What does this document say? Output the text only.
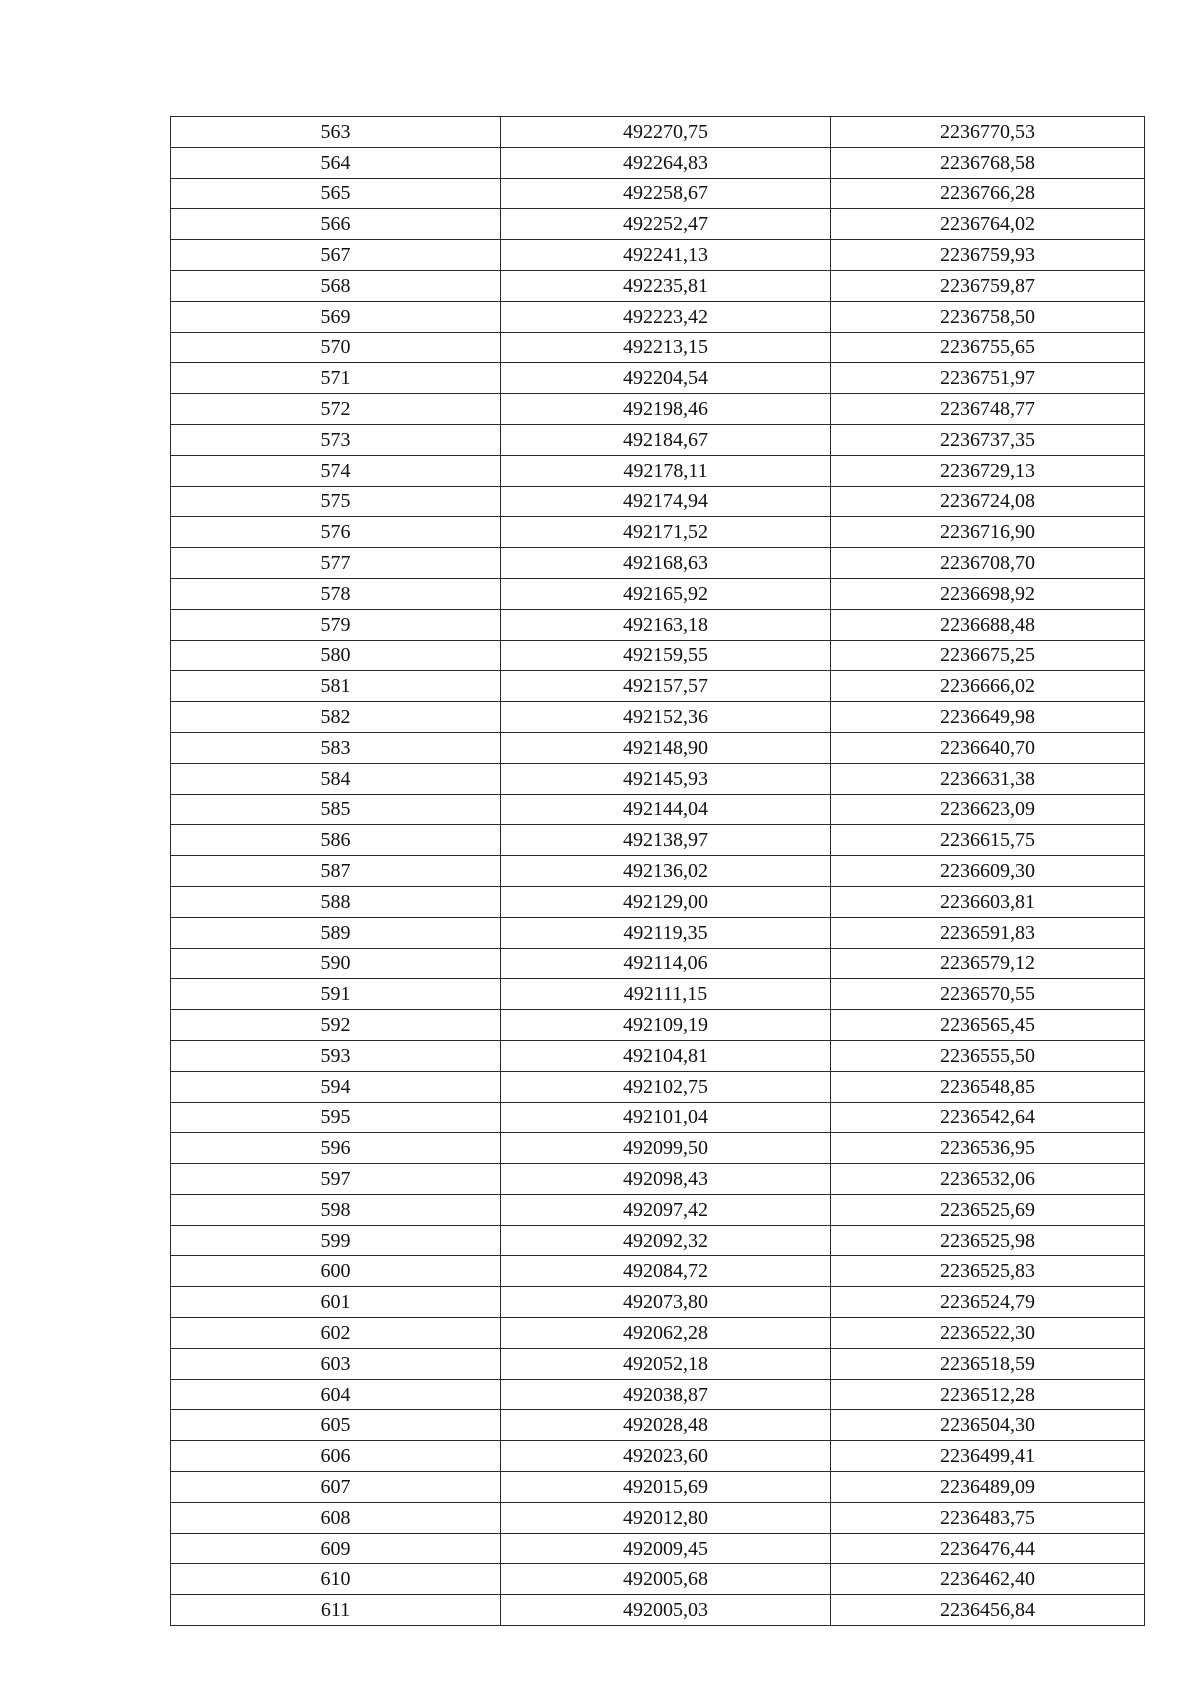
563	492270,75	2236770,53
564	492264,83	2236768,58
565	492258,67	2236766,28
566	492252,47	2236764,02
567	492241,13	2236759,93
568	492235,81	2236759,87
569	492223,42	2236758,50
570	492213,15	2236755,65
571	492204,54	2236751,97
572	492198,46	2236748,77
573	492184,67	2236737,35
574	492178,11	2236729,13
575	492174,94	2236724,08
576	492171,52	2236716,90
577	492168,63	2236708,70
578	492165,92	2236698,92
579	492163,18	2236688,48
580	492159,55	2236675,25
581	492157,57	2236666,02
582	492152,36	2236649,98
583	492148,90	2236640,70
584	492145,93	2236631,38
585	492144,04	2236623,09
586	492138,97	2236615,75
587	492136,02	2236609,30
588	492129,00	2236603,81
589	492119,35	2236591,83
590	492114,06	2236579,12
591	492111,15	2236570,55
592	492109,19	2236565,45
593	492104,81	2236555,50
594	492102,75	2236548,85
595	492101,04	2236542,64
596	492099,50	2236536,95
597	492098,43	2236532,06
598	492097,42	2236525,69
599	492092,32	2236525,98
600	492084,72	2236525,83
601	492073,80	2236524,79
602	492062,28	2236522,30
603	492052,18	2236518,59
604	492038,87	2236512,28
605	492028,48	2236504,30
606	492023,60	2236499,41
607	492015,69	2236489,09
608	492012,80	2236483,75
609	492009,45	2236476,44
610	492005,68	2236462,40
611	492005,03	2236456,84
